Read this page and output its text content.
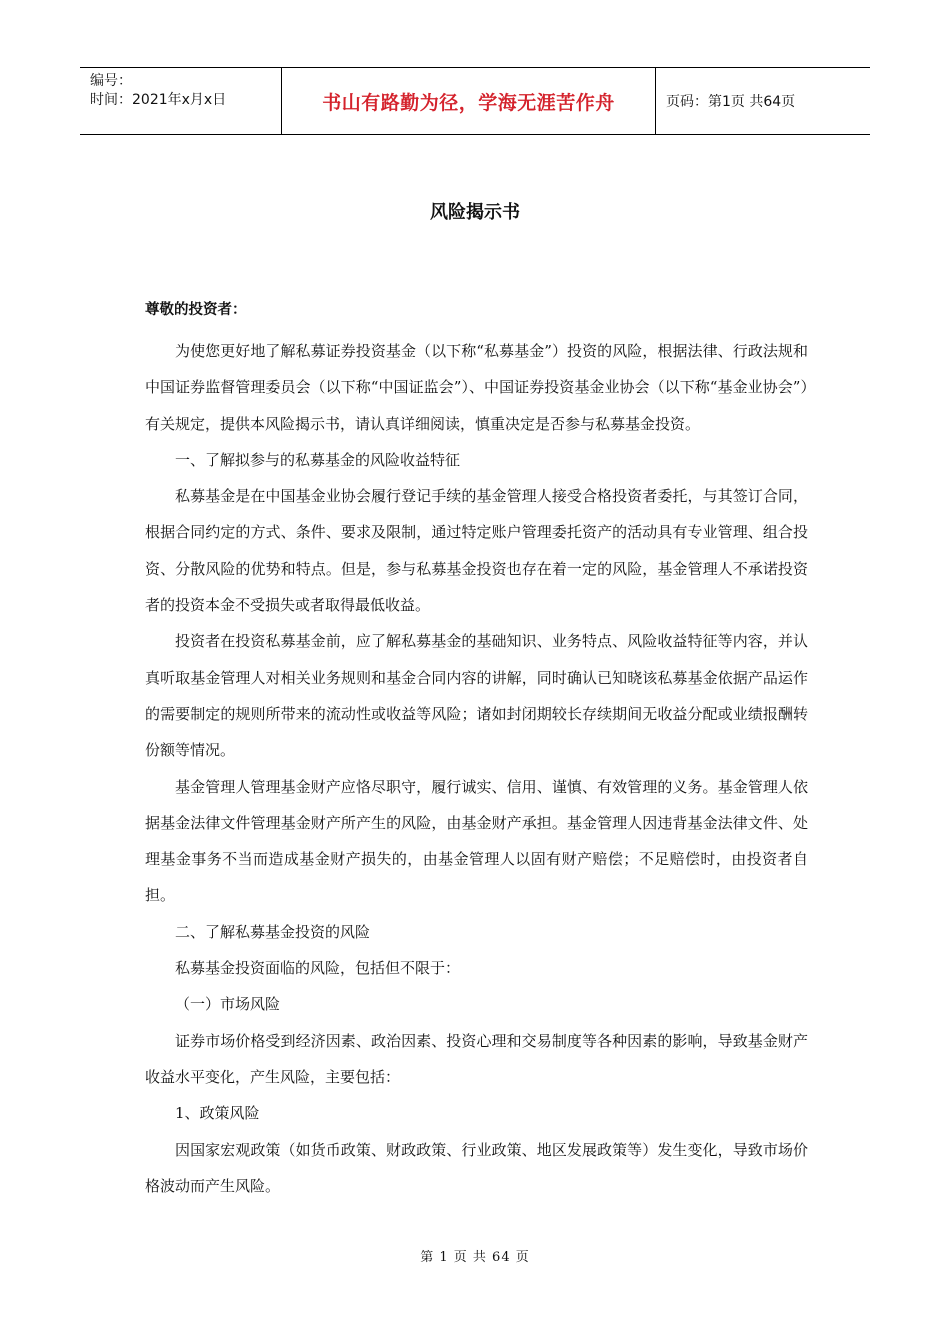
编号：
时间：2021年x月x日	书山有路勤为径，学海无涯苦作舟	页码：第1页 共64页
风险揭示书
尊敬的投资者：

为使您更好地了解私募证券投资基金（以下称“私募基金”）投资的风险，根据法律、行政法规和中国证券监督管理委员会（以下称“中国证监会”）、中国证券投资基金业协会（以下称“基金业协会”）有关规定，提供本风险揭示书，请认真详细阅读，慎重决定是否参与私募基金投资。

一、了解拟参与的私募基金的风险收益特征

私募基金是在中国基金业协会履行登记手续的基金管理人接受合格投资者委托，与其签订合同，根据合同约定的方式、条件、要求及限制，通过特定账户管理委托资产的活动具有专业管理、组合投资、分散风险的优势和特点。但是，参与私募基金投资也存在着一定的风险，基金管理人不承诺投资者的投资本金不受损失或者取得最低收益。

投资者在投资私募基金前，应了解私募基金的基础知识、业务特点、风险收益特征等内容，并认真听取基金管理人对相关业务规则和基金合同内容的讲解，同时确认已知晓该私募基金依据产品运作的需要制定的规则所带来的流动性或收益等风险；诸如封闭期较长存续期间无收益分配或业绩报酬转份额等情况。

基金管理人管理基金财产应恪尽职守，履行诚实、信用、谨慎、有效管理的义务。基金管理人依据基金法律文件管理基金财产所产生的风险，由基金财产承担。基金管理人因违背基金法律文件、处理基金事务不当而造成基金财产损失的，由基金管理人以固有财产赔偿；不足赔偿时，由投资者自担。

二、了解私募基金投资的风险

私募基金投资面临的风险，包括但不限于：

（一）市场风险

证券市场价格受到经济因素、政治因素、投资心理和交易制度等各种因素的影响，导致基金财产收益水平变化，产生风险，主要包括：

1、政策风险

因国家宏观政策（如货币政策、财政政策、行业政策、地区发展政策等）发生变化，导致市场价格波动而产生风险。

第 1 页 共 64 页
